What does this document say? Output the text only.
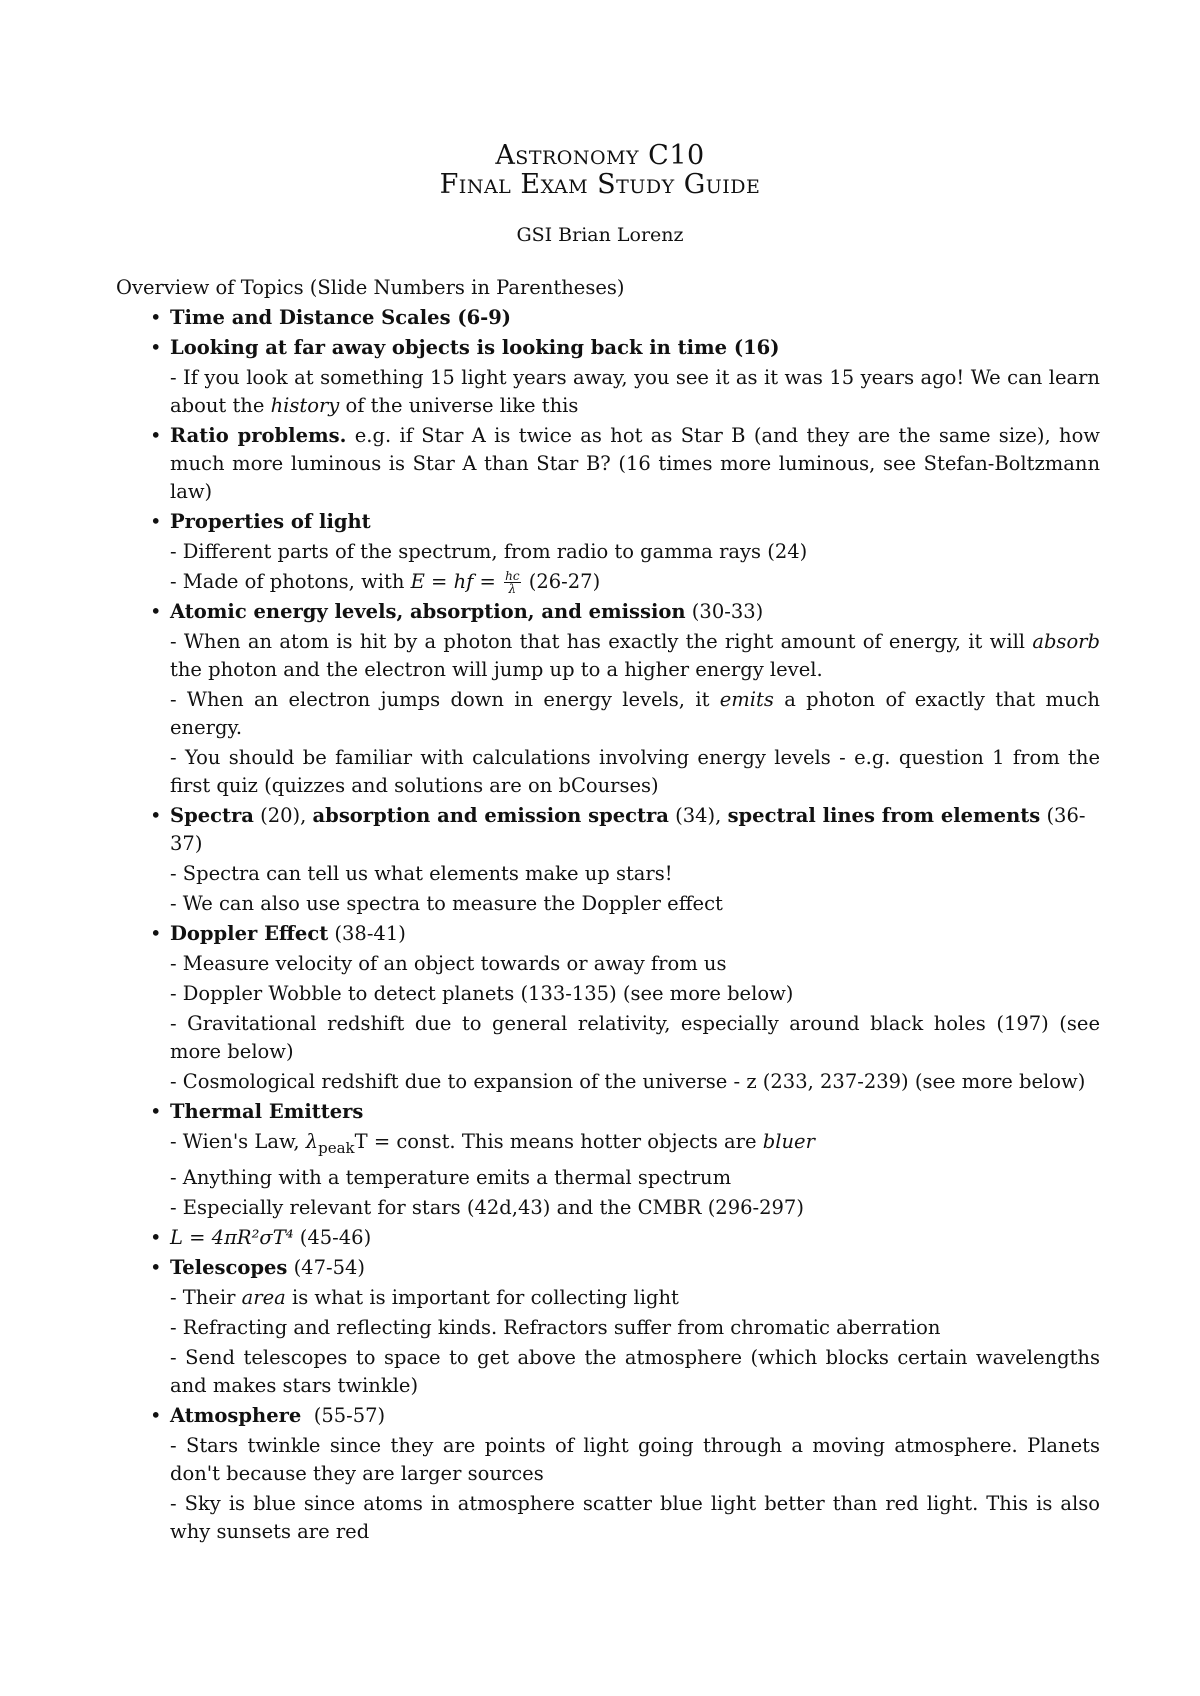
Astronomy C10
Final Exam Study Guide
GSI Brian Lorenz
Overview of Topics (Slide Numbers in Parentheses)
• Time and Distance Scales (6-9)
• Looking at far away objects is looking back in time (16)
- If you look at something 15 light years away, you see it as it was 15 years ago! We can learn about the history of the universe like this
• Ratio problems. e.g. if Star A is twice as hot as Star B (and they are the same size), how much more luminous is Star A than Star B? (16 times more luminous, see Stefan-Boltzmann law)
• Properties of light
- Different parts of the spectrum, from radio to gamma rays (24)
- Made of photons, with E = hf = $\frac{hc}{\lambda} (26-27)$
• Atomic energy levels, absorption, and emission (30-33)
- When an atom is hit by a photon that has exactly the right amount of energy, it will absorb the photon and the electron will jump up to a higher energy level.
- When an electron jumps down in energy levels, it emits a photon of exactly that much energy.
- You should be familiar with calculations involving energy levels - e.g. question 1 from the first quiz (quizzes and solutions are on bCourses)
• Spectra (20), absorption and emission spectra (34), spectral lines from elements (36-37)
- Spectra can tell us what elements make up stars!
- We can also use spectra to measure the Doppler effect
• Doppler Effect (38-41)
- Measure velocity of an object towards or away from us
- Doppler Wobble to detect planets (133-135) (see more below)
- Gravitational redshift due to general relativity, especially around black holes (197) (see more below)
- Cosmological redshift due to expansion of the universe - z (233, 237-239) (see more below)
• Thermal Emitters
- Wien's Law, $\lambda_{peak}T$ = const. This means hotter objects are bluer
- Anything with a temperature emits a thermal spectrum
- Especially relevant for stars (42d,43) and the CMBR (296-297)
• L = 4πR²σT⁴ (45-46)
• Telescopes (47-54)
- Their area is what is important for collecting light
- Refracting and reflecting kinds. Refractors suffer from chromatic aberration
- Send telescopes to space to get above the atmosphere (which blocks certain wavelengths and makes stars twinkle)
• Atmosphere  (55-57)
- Stars twinkle since they are points of light going through a moving atmosphere. Planets don't because they are larger sources
- Sky is blue since atoms in atmosphere scatter blue light better than red light. This is also why sunsets are red
